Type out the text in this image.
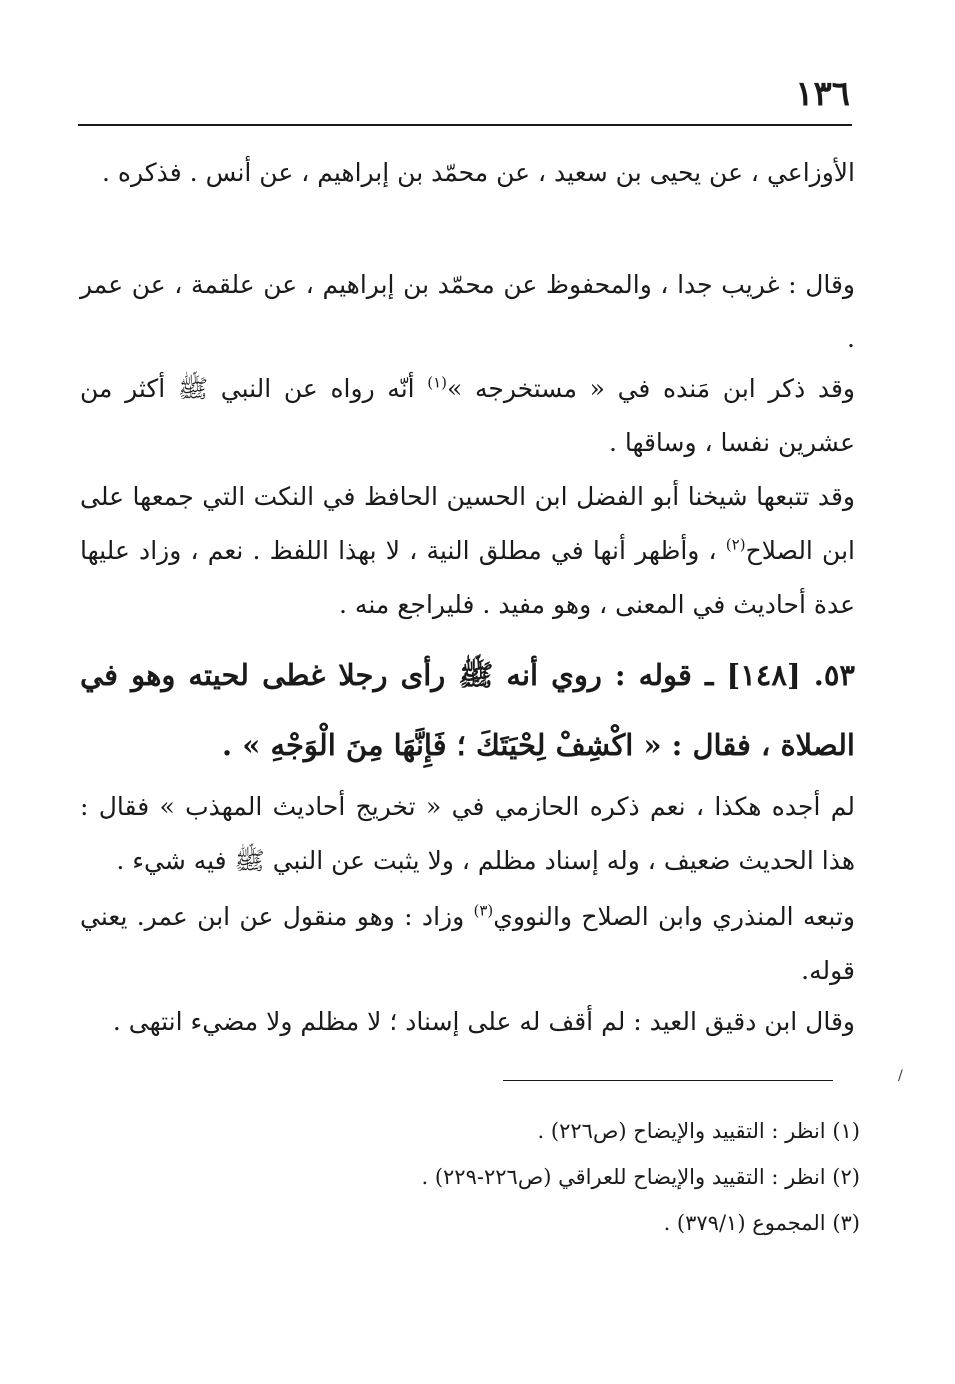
١٣٦

الأوزاعي ، عن يحيى بن سعيد ، عن محمّد بن إبراهيم ، عن أنس . فذكره .

وقال : غريب جدا ، والمحفوظ عن محمّد بن إبراهيم ، عن علقمة ، عن عمر .

وقد ذكر ابن مَنده في « مستخرجه »$^{(١)}$ أنّه رواه عن النبي ﷺ أكثر من عشرين نفسا ، وساقها .

وقد تتبعها شيخنا أبو الفضل ابن الحسين الحافظ في النكت التي جمعها على ابن الصلاح$^{(٢)}$ ، وأظهر أنها في مطلق النية ، لا بهذا اللفظ . نعم ، وزاد عليها عدة أحاديث في المعنى ، وهو مفيد . فليراجع منه .

٥٣. [١٤٨] ـ قوله : روي أنه ﷺ رأى رجلا غطى لحيته وهو في الصلاة ، فقال : « اكْشِفْ لِحْيَتَكَ ؛ فَإِنَّهَا مِنَ الْوَجْهِ » .

لم أجده هكذا ، نعم ذكره الحازمي في « تخريج أحاديث المهذب » فقال : هذا الحديث ضعيف ، وله إسناد مظلم ، ولا يثبت عن النبي ﷺ فيه شيء .

وتبعه المنذري وابن الصلاح والنووي$^{(٣)}$ وزاد : وهو منقول عن ابن عمر. يعني قوله.

وقال ابن دقيق العيد : لم أقف له على إسناد ؛ لا مظلم ولا مضيء انتهى .

/

(١) انظر : التقييد والإيضاح (ص٢٢٦) .

(٢) انظر : التقييد والإيضاح للعراقي (ص٢٢٦-٢٢٩) .

(٣) المجموع (٣٧٩/١) .
